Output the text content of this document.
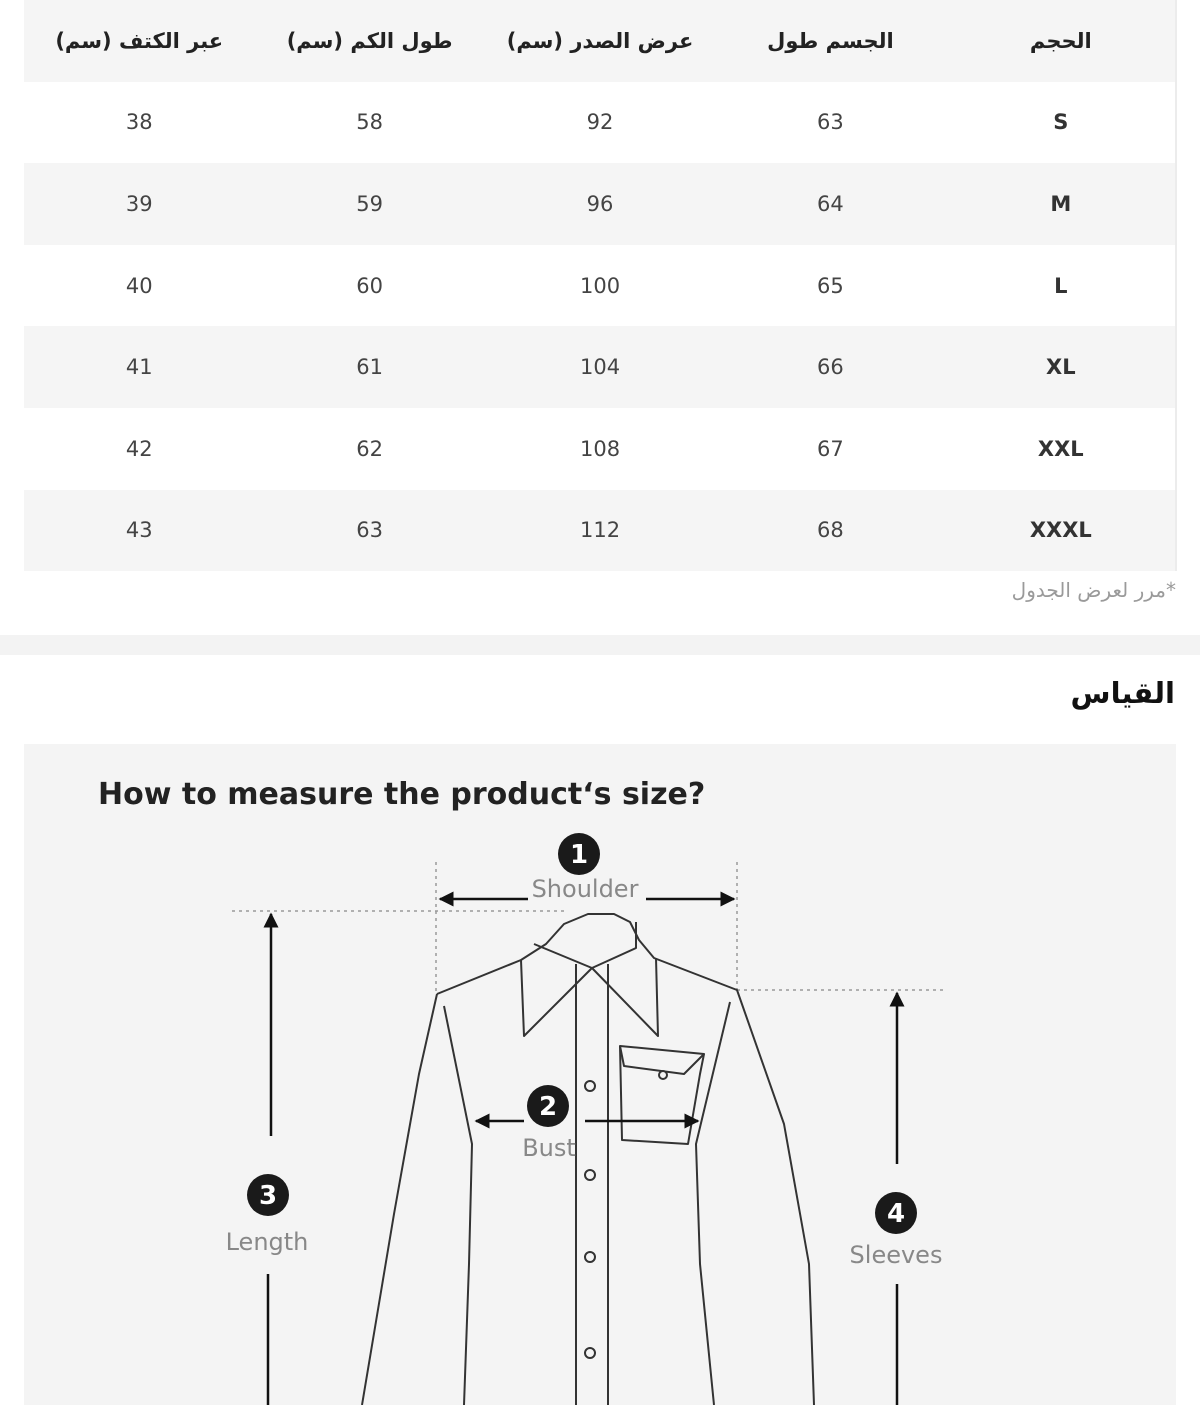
الحجم	الجسم طول	عرض الصدر (سم)	طول الكم (سم)	عبر الكتف (سم)
S	63	92	58	38
M	64	96	59	39
L	65	100	60	40
XL	66	104	61	41
XXL	67	108	62	42
XXXL	68	112	63	43
*مرر لعرض الجدول
القياس
How to measure the product‘s size?
1
Shoulder
2
Bust
3
Length
4
Sleeves
